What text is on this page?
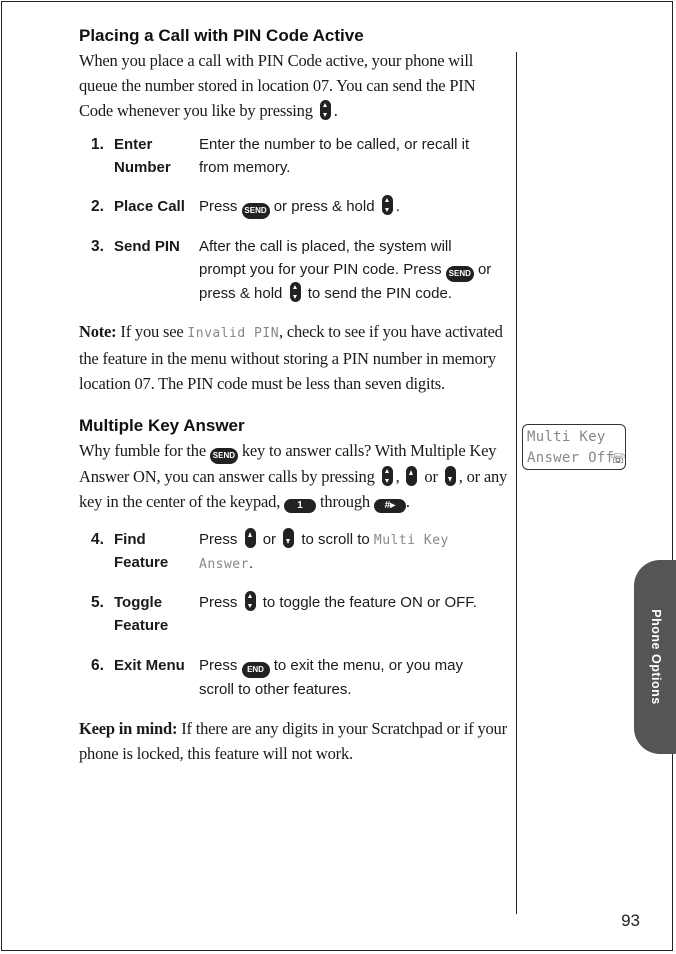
Placing a Call with PIN Code Active

When you place a call with PIN Code active, your phone will queue the number stored in location 07. You can send the PIN Code whenever you like by pressing .

1. Enter Number
Enter the number to be called, or recall it from memory.
2. Place Call Press SEND or press & hold .
3. Send PIN	After the call is placed, the system will prompt you for your PIN code. Press SEND or press & hold to send the PIN code.

Note: If you see Invalid PIN, check to see if you have activated the feature in the menu without storing a PIN number in memory location 07. The PIN code must be less than seven digits.

Multiple Key Answer

Why fumble for the SEND key to answer calls? With Multiple Key Answer ON, you can answer calls by pressing , or , or any key in the center of the keypad, 1 through #▸ .

4. Find Feature
Press or to scroll to Multi Key Answer.
5. Toggle Feature
Press to toggle the feature ON or OFF.
6. Exit Menu Press END to exit the menu, or you may scroll to other features.

Keep in mind: If there are any digits in your Scratchpad or if your phone is locked, this feature will not work.

Multi Key
Answer Off
☏
Phone Options
93
